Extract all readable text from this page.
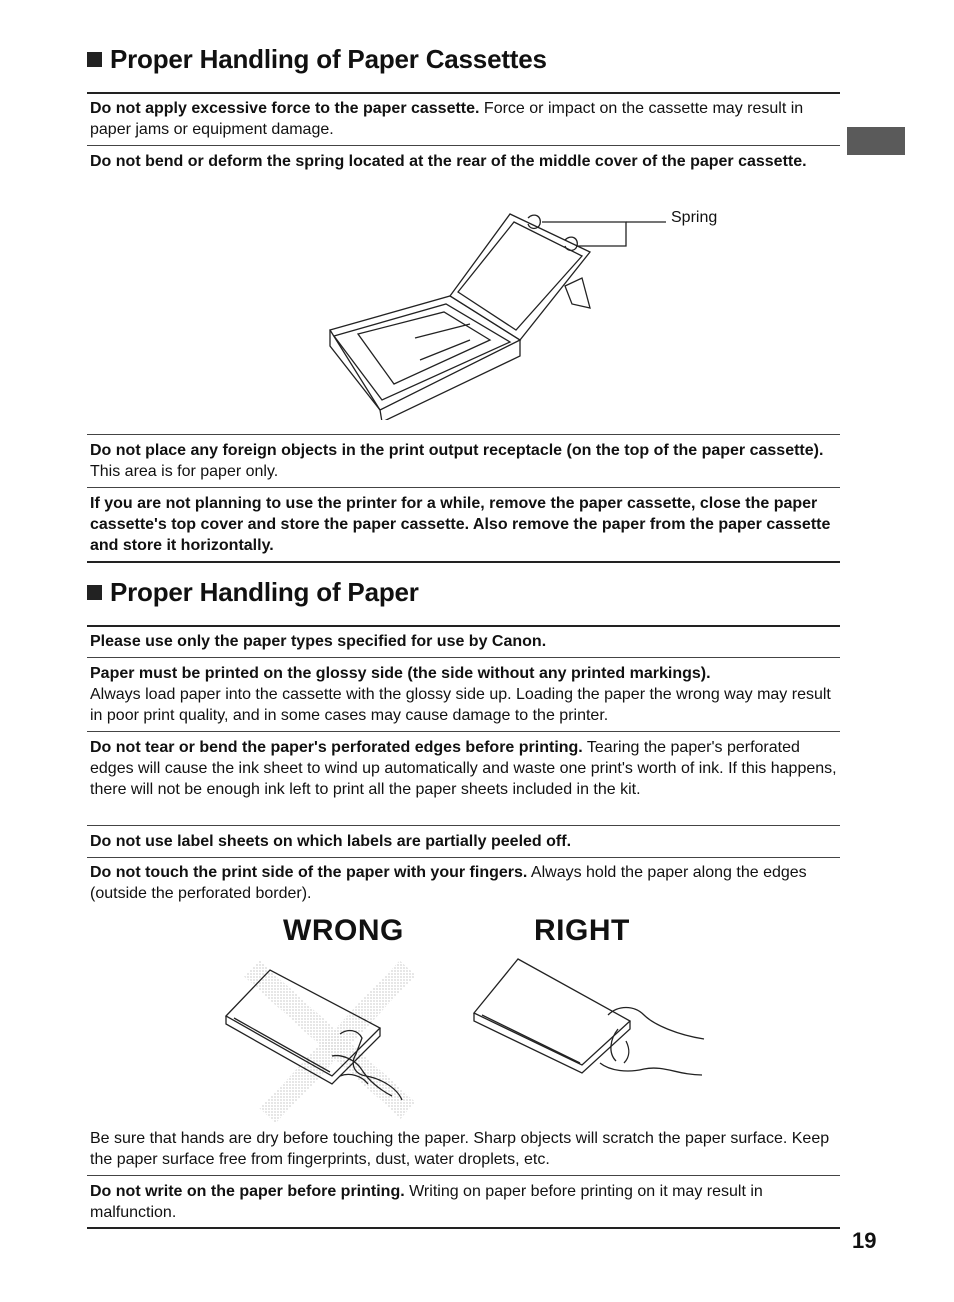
Proper Handling of Paper Cassettes

Do not apply excessive force to the paper cassette. Force or impact on the cassette may result in paper jams or equipment damage.

Do not bend or deform the spring located at the rear of the middle cover of the paper cassette.

Spring

Do not place any foreign objects in the print output receptacle (on the top of the paper cassette). This area is for paper only.

If you are not planning to use the printer for a while, remove the paper cassette, close the paper cassette's top cover and store the paper cassette. Also remove the paper from the paper cassette and store it horizontally.

Proper Handling of Paper

Please use only the paper types specified for use by Canon.

Paper must be printed on the glossy side (the side without any printed markings).
Always load paper into the cassette with the glossy side up. Loading the paper the wrong way may result in poor print quality, and in some cases may cause damage to the printer.

Do not tear or bend the paper's perforated edges before printing. Tearing the paper's perforated edges will cause the ink sheet to wind up automatically and waste one print's worth of ink. If this happens, there will not be enough ink left to print all the paper sheets included in the kit.

Do not use label sheets on which labels are partially peeled off.

Do not touch the print side of the paper with your fingers. Always hold the paper along the edges (outside the perforated border).

WRONG	RIGHT

Be sure that hands are dry before touching the paper. Sharp objects will scratch the paper surface. Keep the paper surface free from fingerprints, dust, water droplets, etc.

Do not write on the paper before printing. Writing on paper before printing on it may result in malfunction.

19
